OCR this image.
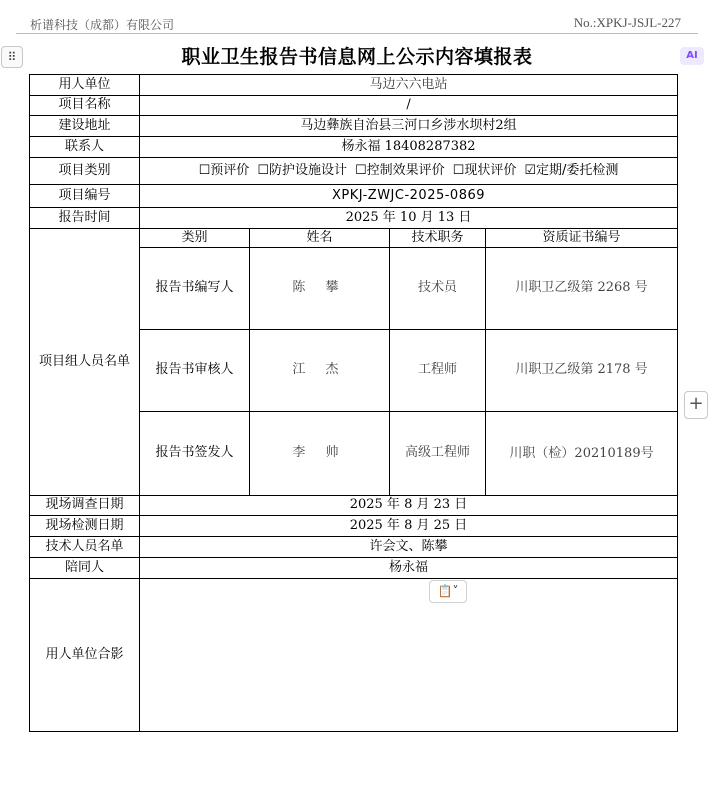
析谱科技（成都）有限公司	No.:XPKJ-JSJL-227
⠿	AI
职业卫生报告书信息网上公示内容填报表
用人单位	马边六六电站			
项目名称	/			
建设地址	马边彝族自治县三河口乡涉水坝村2组			
联系人	杨永福 18408287382			
项目类别	☐预评价 ☐防护设施设计 ☐控制效果评价 ☐现状评价 ☑定期/委托检测			
项目编号	XPKJ-ZWJC-2025-0869			
报告时间	2025 年 10 月 13 日			
项目组人员名单	类别	姓名	技术职务	资质证书编号
	报告书编写人	陈 攀	技术员	川职卫乙级第 2268 号
	报告书审核人	江 杰	工程师	川职卫乙级第 2178 号
	报告书签发人	李 帅	高级工程师	川职（检）20210189号
现场调查日期	2025 年 8 月 23 日			
现场检测日期	2025 年 8 月 25 日			
技术人员名单	许会文、陈攀			
陪同人	杨永福			
用人单位合影				
+
📋˅
